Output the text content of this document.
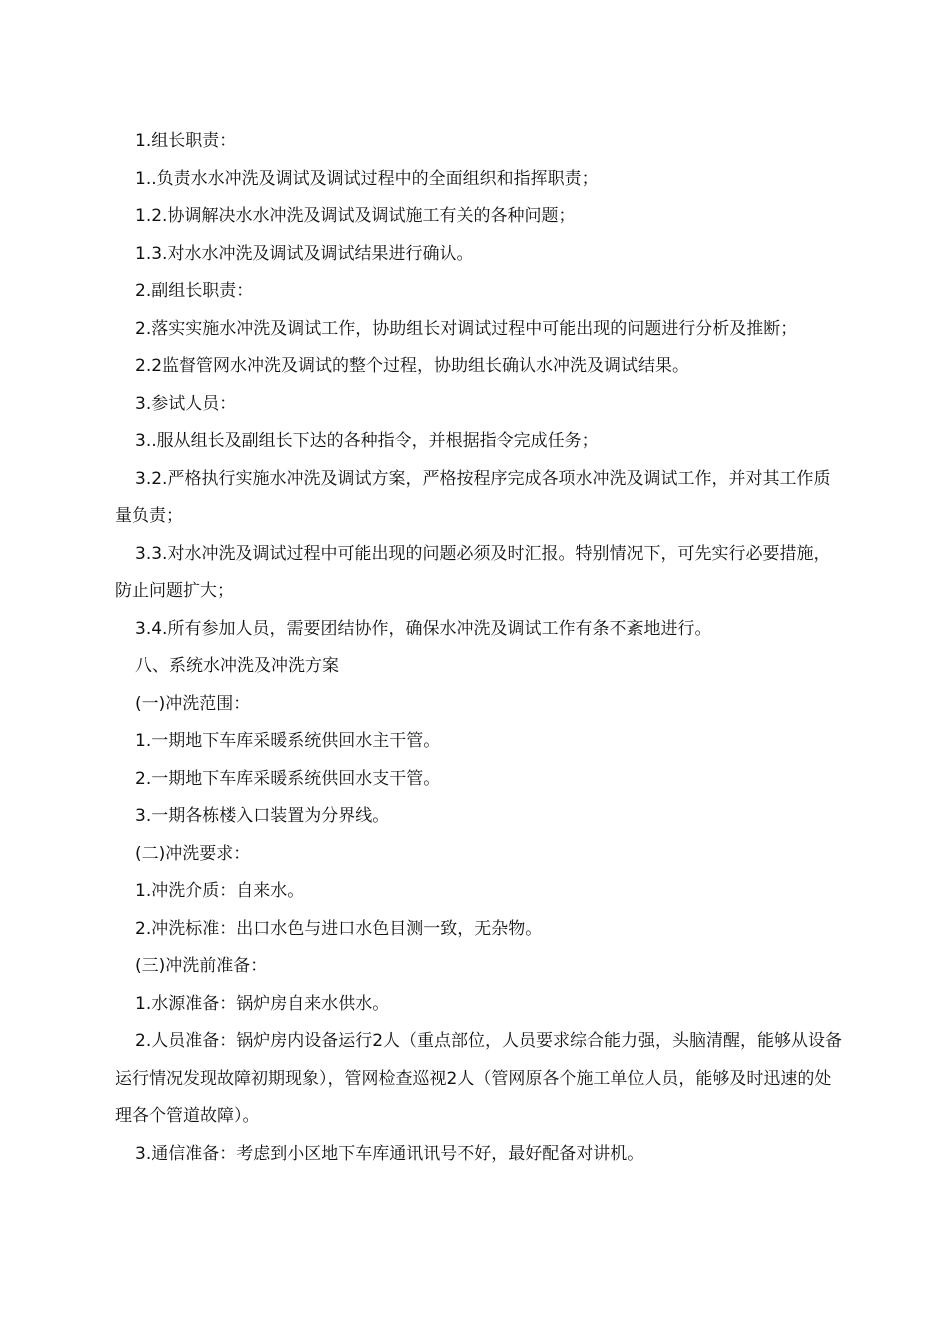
1.组长职责：

1..负责水水冲洗及调试及调试过程中的全面组织和指挥职责；

1.2.协调解决水水冲洗及调试及调试施工有关的各种问题；

1.3.对水水冲洗及调试及调试结果进行确认。

2.副组长职责：

2.落实实施水冲洗及调试工作，协助组长对调试过程中可能出现的问题进行分析及推断；

2.2监督管网水冲洗及调试的整个过程，协助组长确认水冲洗及调试结果。

3.参试人员：

3..服从组长及副组长下达的各种指令，并根据指令完成任务；

3.2.严格执行实施水冲洗及调试方案，严格按程序完成各项水冲洗及调试工作，并对其工作质量负责；

3.3.对水冲洗及调试过程中可能出现的问题必须及时汇报。特别情况下，可先实行必要措施，防止问题扩大；

3.4.所有参加人员，需要团结协作，确保水冲洗及调试工作有条不紊地进行。

八、系统水冲洗及冲洗方案

(一)冲洗范围：

1.一期地下车库采暖系统供回水主干管。

2.一期地下车库采暖系统供回水支干管。

3.一期各栋楼入口装置为分界线。

(二)冲洗要求：

1.冲洗介质：自来水。

2.冲洗标准：出口水色与进口水色目测一致，无杂物。

(三)冲洗前准备：

1.水源准备：锅炉房自来水供水。

2.人员准备：锅炉房内设备运行2人（重点部位，人员要求综合能力强，头脑清醒，能够从设备运行情况发现故障初期现象），管网检查巡视2人（管网原各个施工单位人员，能够及时迅速的处理各个管道故障）。

3.通信准备：考虑到小区地下车库通讯讯号不好，最好配备对讲机。
